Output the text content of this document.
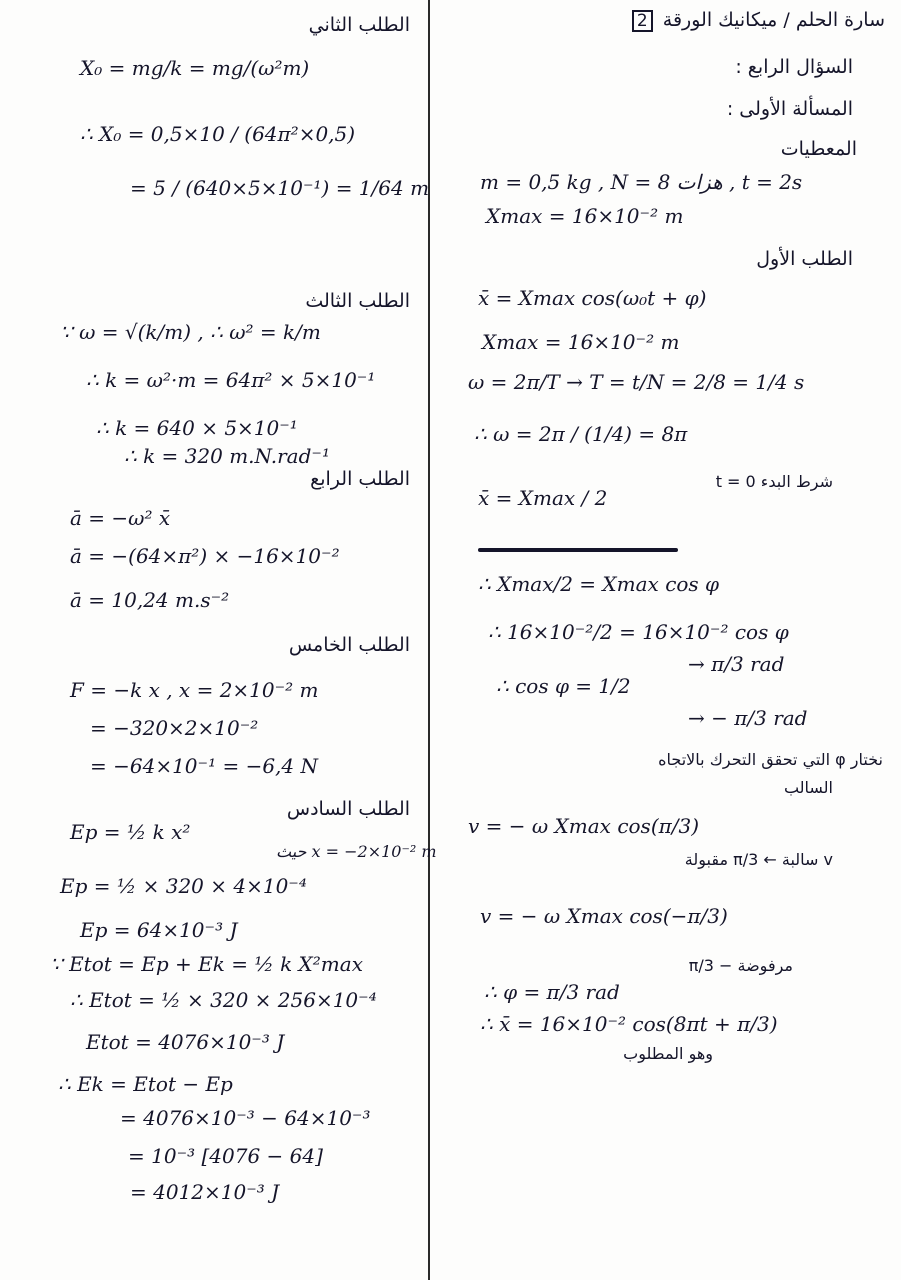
سارة الحلم / ميكانيك الورقة 2
السؤال الرابع :
المسألة الأولى :
المعطيات
m = 0,5 kg , N = 8 هزات , t = 2s
Xmax = 16×10⁻² m
الطلب الأول
x̄ = Xmax cos(ω₀t + φ)
Xmax = 16×10⁻² m
ω = 2π/T → T = t/N = 2/8 = 1/4 s
∴ ω = 2π / (1/4) = 8π
شرط البدء t = 0
x̄ = Xmax / 2
∴ Xmax/2 = Xmax cos φ
∴ 16×10⁻²/2 = 16×10⁻² cos φ
∴ cos φ = 1/2
→ π/3 rad
→ − π/3 rad
نختار φ التي تحقق التحرك بالاتجاه
السالب
v = − ω Xmax cos(π/3)
v سالبة ← π/3 مقبولة
v = − ω Xmax cos(−π/3)
مرفوضة − π/3
∴ φ = π/3 rad
∴ x̄ = 16×10⁻² cos(8πt + π/3)
وهو المطلوب
الطلب الثاني
X₀ = mg/k = mg/(ω²m)
∴ X₀ = 0,5×10 / (64π²×0,5)
= 5 / (640×5×10⁻¹) = 1/64 m
الطلب الثالث
∵ ω = √(k/m) , ∴ ω² = k/m
∴ k = ω²·m = 64π² × 5×10⁻¹
∴ k = 640 × 5×10⁻¹
∴ k = 320 m.N.rad⁻¹
الطلب الرابع
ā = −ω² x̄
ā = −(64×π²) × −16×10⁻²
ā = 10,24 m.s⁻²
الطلب الخامس
F = −k x , x = 2×10⁻² m
= −320×2×10⁻²
= −64×10⁻¹ = −6,4 N
الطلب السادس
Ep = ½ k x²
حيث x = −2×10⁻² m
Ep = ½ × 320 × 4×10⁻⁴
Ep = 64×10⁻³ J
∵ Etot = Ep + Ek = ½ k X²max
∴ Etot = ½ × 320 × 256×10⁻⁴
Etot = 4076×10⁻³ J
∴ Ek = Etot − Ep
= 4076×10⁻³ − 64×10⁻³
= 10⁻³ [4076 − 64]
= 4012×10⁻³ J
